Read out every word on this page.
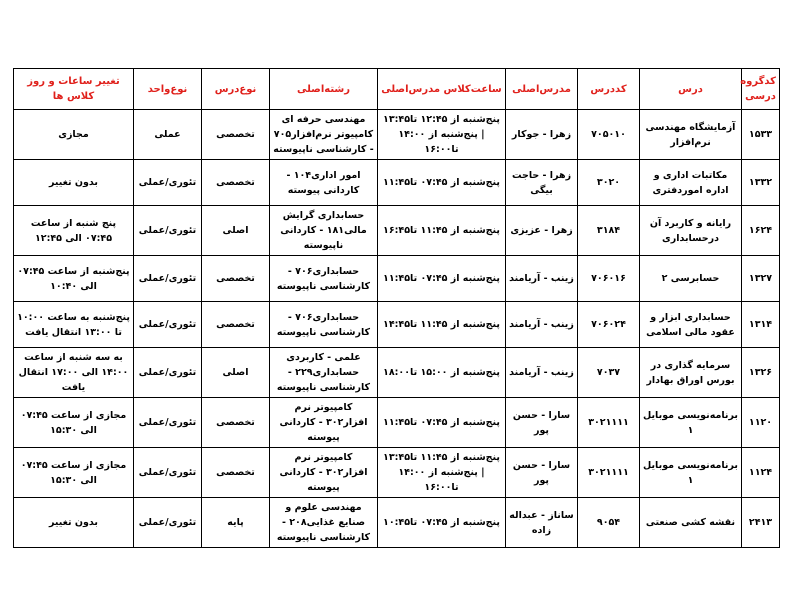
کدگروه درسی	درس	کددرس	مدرس‌اصلی	ساعت‌کلاس مدرس‌اصلی	رشته‌اصلی	نوع‌درس	نوع‌واحد	تغییر ساعات و روز کلاس ها
۱۵۳۳	آزمایشگاه مهندسی نرم‌افزار	۷۰۵۰۱۰	زهرا - جوکار	پنج‌شنبه از ۱۲:۴۵ تا۱۳:۴۵ | پنج‌شنبه از ۱۴:۰۰ تا۱۶:۰۰	مهندسی حرفه ای کامپیوتر نرم‌افزار۷۰۵ - کارشناسی ناپیوسته	تخصصی	عملی	مجازی
۱۳۳۲	مکاتبات اداری و اداره اموردفتری	۳۰۲۰	زهرا - حاجت بیگی	پنج‌شنبه از ۰۷:۴۵ تا۱۱:۴۵	امور اداری۱۰۴ - کاردانی پیوسته	تخصصی	تئوری/عملی	بدون تغییر
۱۶۲۴	رایانه و کاربرد آن درحسابداری	۳۱۸۴	زهرا - عزیزی	پنج‌شنبه از ۱۱:۴۵ تا۱۶:۴۵	حسابداری گرایش مالی۱۸۱ - کاردانی ناپیوسته	اصلی	تئوری/عملی	پنج شنبه از ساعت ۰۷:۴۵ الی ۱۲:۴۵
۱۳۲۷	حسابرسی ۲	۷۰۶۰۱۶	زینب - آریامند	پنج‌شنبه از ۰۷:۴۵ تا۱۱:۴۵	حسابداری۷۰۶ - کارشناسی ناپیوسته	تخصصی	تئوری/عملی	پنج‌شنبه از ساعت ۰۷:۴۵ الی ۱۰:۴۰
۱۳۱۴	حسابداری ابزار و عقود مالی اسلامی	۷۰۶۰۲۴	زینب - آریامند	پنج‌شنبه از ۱۱:۴۵ تا۱۴:۴۵	حسابداری۷۰۶ - کارشناسی ناپیوسته	تخصصی	تئوری/عملی	پنج‌شنبه به ساعت ۱۰:۰۰ تا ۱۳:۰۰ انتقال یافت
۱۳۲۶	سرمایه گذاری در بورس اوراق بهادار	۷۰۳۷	زینب - آریامند	پنج‌شنبه از ۱۵:۰۰ تا۱۸:۰۰	علمی - کاربردی حسابداری۲۲۹ - کارشناسی ناپیوسته	اصلی	تئوری/عملی	به سه شنبه از ساعت ۱۴:۰۰ الی ۱۷:۰۰ انتقال یافت
۱۱۲۰	برنامه‌نویسی موبایل ۱	۳۰۲۱۱۱۱	سارا - حسن پور	پنج‌شنبه از ۰۷:۴۵ تا۱۱:۴۵	کامپیوتر نرم افزار۳۰۲ - کاردانی پیوسته	تخصصی	تئوری/عملی	مجازی از ساعت ۰۷:۴۵ الی ۱۵:۳۰
۱۱۲۴	برنامه‌نویسی موبایل ۱	۳۰۲۱۱۱۱	سارا - حسن پور	پنج‌شنبه از ۱۱:۴۵ تا۱۳:۴۵ | پنج‌شنبه از ۱۴:۰۰ تا۱۶:۰۰	کامپیوتر نرم افزار۳۰۲ - کاردانی پیوسته	تخصصی	تئوری/عملی	مجازی از ساعت ۰۷:۴۵ الی ۱۵:۳۰
۲۴۱۳	نقشه کشی صنعتی	۹۰۵۴	ساناز - عبداله زاده	پنج‌شنبه از ۰۷:۴۵ تا۱۰:۴۵	مهندسی علوم و صنایع غذایی۲۰۸ - کارشناسی ناپیوسته	پایه	تئوری/عملی	بدون تغییر
